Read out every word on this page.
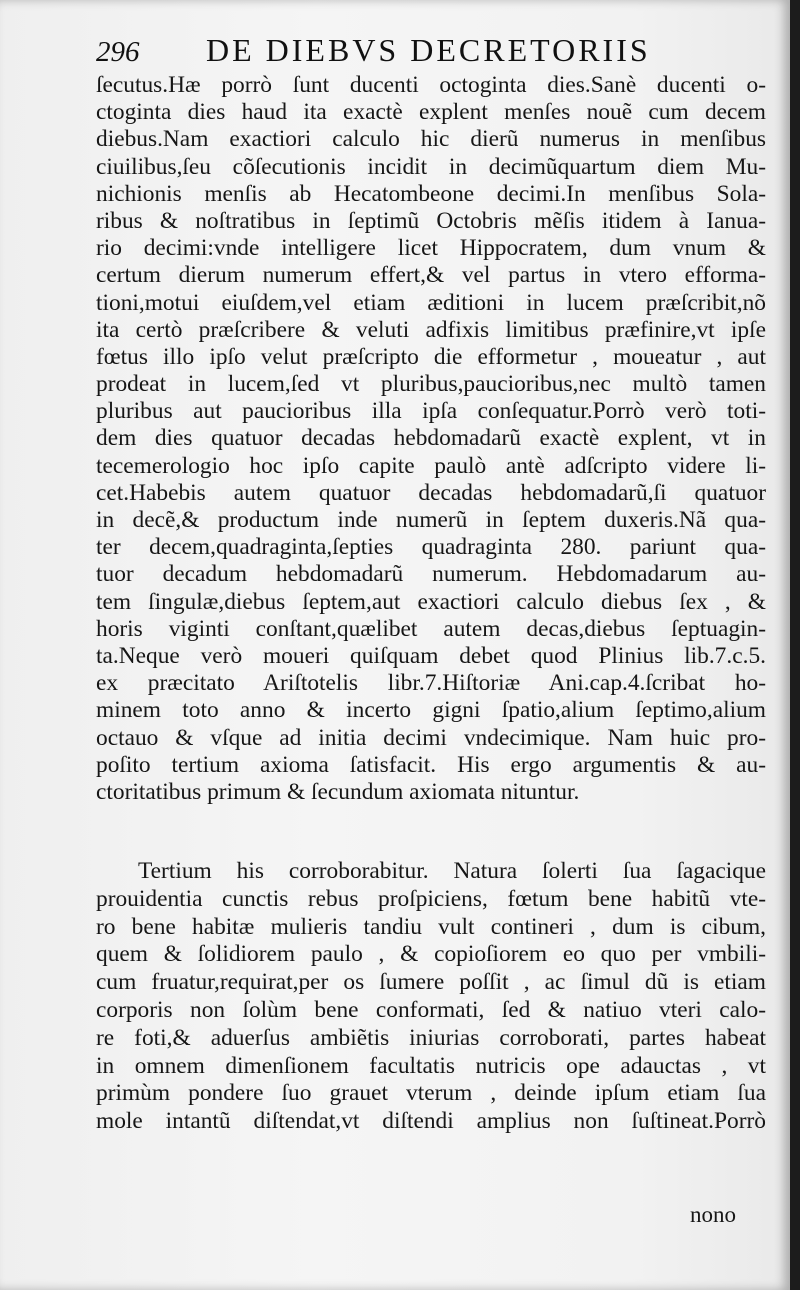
296 DE DIEBVS DECRETORIIS
ſecutus.Hæ porrò ſunt ducenti octoginta dies.Sanè ducenti o-
ctoginta dies haud ita exactè explent menſes nouẽ cum decem
diebus.Nam exactiori calculo hic dierũ numerus in menſibus
ciuilibus,ſeu cõſecutionis incidit in decimũquartum diem Mu-
nichionis menſis ab Hecatombeone decimi.In menſibus Sola-
ribus & noſtratibus in ſeptimũ Octobris mẽſis itidem à Ianua-
rio decimi:vnde intelligere licet Hippocratem, dum vnum &
certum dierum numerum effert,& vel partus in vtero efforma-
tioni,motui eiuſdem,vel etiam æditioni in lucem præſcribit,nõ
ita certò præſcribere & veluti adfixis limitibus præfinire,vt ipſe
fœtus illo ipſo velut præſcripto die efformetur , moueatur , aut
prodeat in lucem,ſed vt pluribus,paucioribus,nec multò tamen
pluribus aut paucioribus illa ipſa conſequatur.Porrò verò toti-
dem dies quatuor decadas hebdomadarũ exactè explent, vt in
tecemerologio hoc ipſo capite paulò antè adſcripto videre li-
cet.Habebis autem quatuor decadas hebdomadarũ,ſi quatuor
in decẽ,& productum inde numerũ in ſeptem duxeris.Nã qua-
ter decem,quadraginta,ſepties quadraginta 280. pariunt qua-
tuor decadum hebdomadarũ numerum. Hebdomadarum au-
tem ſingulæ,diebus ſeptem,aut exactiori calculo diebus ſex , &
horis viginti conſtant,quælibet autem decas,diebus ſeptuagin-
ta.Neque verò moueri quiſquam debet quod Plinius lib.7.c.5.
ex præcitato Ariſtotelis libr.7.Hiſtoriæ Ani.cap.4.ſcribat ho-
minem toto anno & incerto gigni ſpatio,alium ſeptimo,alium
octauo & vſque ad initia decimi vndecimique. Nam huic pro-
poſito tertium axioma ſatisfacit. His ergo argumentis & au-
ctoritatibus primum & ſecundum axiomata nituntur.
Tertium his corroborabitur. Natura ſolerti ſua ſagacique
prouidentia cunctis rebus proſpiciens, fœtum bene habitũ vte-
ro bene habitæ mulieris tandiu vult contineri , dum is cibum,
quem & ſolidiorem paulo , & copioſiorem eo quo per vmbili-
cum fruatur,requirat,per os ſumere poſſit , ac ſimul dũ is etiam
corporis non ſolùm bene conformati, ſed & natiuo vteri calo-
re foti,& aduerſus ambiẽtis iniurias corroborati, partes habeat
in omnem dimenſionem facultatis nutricis ope adauctas , vt
primùm pondere ſuo grauet vterum , deinde ipſum etiam ſua
mole intantũ diſtendat,vt diſtendi amplius non ſuſtineat.Porrò
nono
